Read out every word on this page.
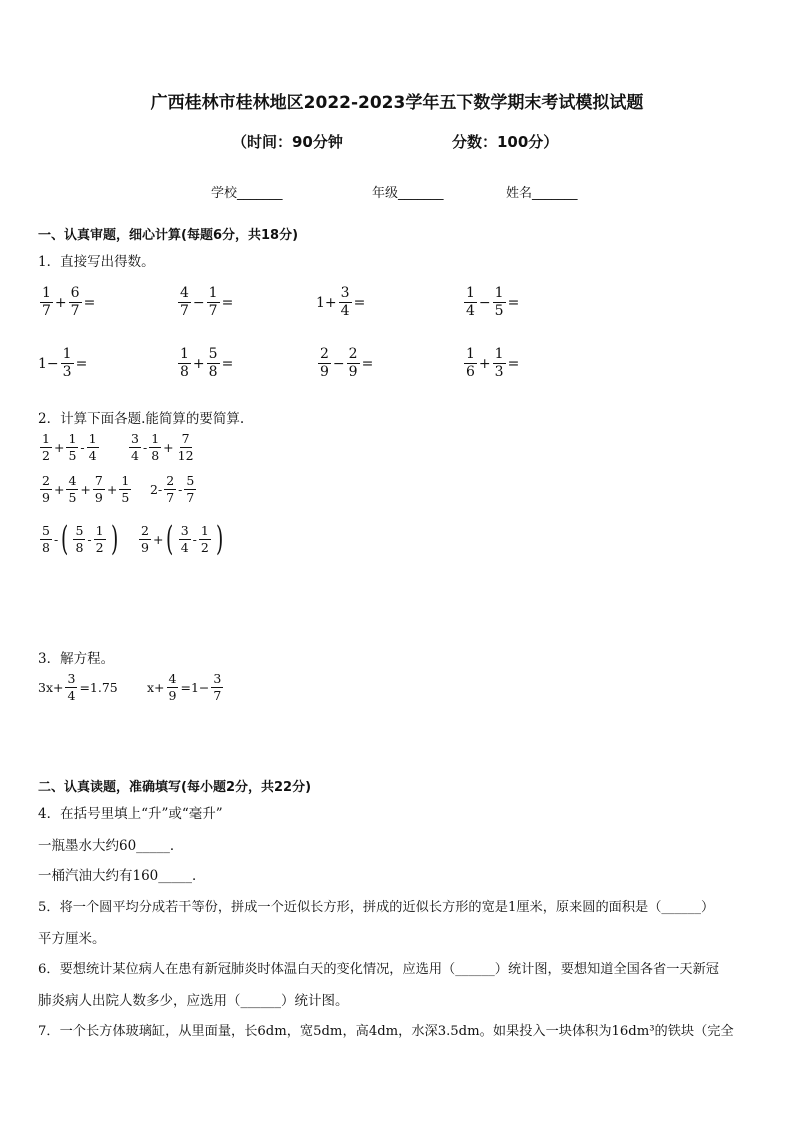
广西桂林市桂林地区2022-2023学年五下数学期末考试模拟试题
（时间：90分钟	分数：100分）
学校_______	年级_______	姓名_______
一、认真审题，细心计算(每题6分，共18分)
1．直接写出得数。
$\frac{1}{7} + \frac{6}{7}$ =	$\frac{4}{7} - \frac{1}{7}$ =	$1+ \frac{3}{4}$ =	$\frac{1}{4} - \frac{1}{5}$ =
$1- \frac{1}{3}$ =	$\frac{1}{8} + \frac{5}{8}$ =	$\frac{2}{9} - \frac{2}{9}$ =	$\frac{1}{6} + \frac{1}{3}$ =
2．计算下面各题.能简算的要简算.
$\frac{1}{2} + \frac{1}{5} - \frac{1}{4} \frac{3}{4} - \frac{1}{8} + \frac{7}{12}$
$\frac{2}{9} + \frac{4}{5} + \frac{7}{9} + \frac{1}{5} 2- \frac{2}{7} - \frac{5}{7}$
$\frac{5}{8}$ - ( $\frac{5}{8} - \frac{1}{2}$ ) $\frac{2}{9}$ + ( $\frac{3}{4} - \frac{1}{2}$ )
3．解方程。
$3x+ \frac{3}{4} =1.75$ $x+ \frac{4}{9} =1- \frac{3}{7}$
二、认真读题，准确填写(每小题2分，共22分)
4．在括号里填上“升”或“毫升”
一瓶墨水大约60_____．
一桶汽油大约有160_____．
5．将一个圆平均分成若干等份，拼成一个近似长方形，拼成的近似长方形的宽是1厘米，原来圆的面积是（______）
平方厘米。
6．要想统计某位病人在患有新冠肺炎时体温白天的变化情况，应选用（______）统计图，要想知道全国各省一天新冠
肺炎病人出院人数多少，应选用（______）统计图。
7．一个长方体玻璃缸，从里面量，长6dm，宽5dm，高4dm，水深3.5dm。如果投入一块体积为16dm³的铁块（完全
